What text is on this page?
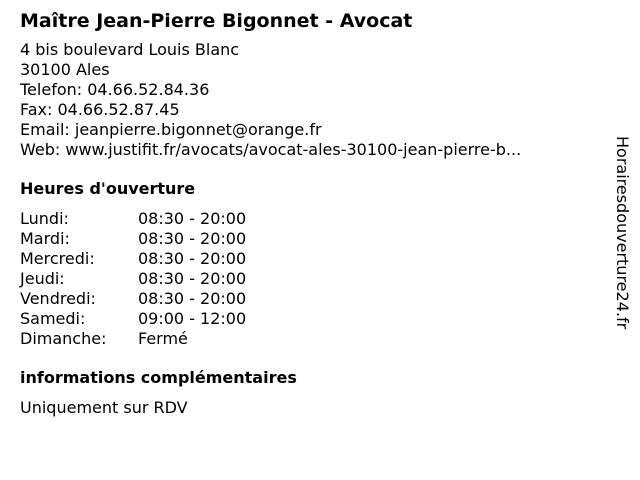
Maître Jean-Pierre Bigonnet - Avocat
4 bis boulevard Louis Blanc
30100 Ales
Telefon: 04.66.52.84.36
Fax: 04.66.52.87.45
Email: jeanpierre.bigonnet@orange.fr
Web: www.justifit.fr/avocats/avocat-ales-30100-jean-pierre-b...
Heures d'ouverture
Lundi:	08:30 - 20:00
Mardi:	08:30 - 20:00
Mercredi:	08:30 - 20:00
Jeudi:	08:30 - 20:00
Vendredi:	08:30 - 20:00
Samedi:	09:00 - 12:00
Dimanche:	Fermé
informations complémentaires
Uniquement sur RDV
Horairesdouverture24.fr
